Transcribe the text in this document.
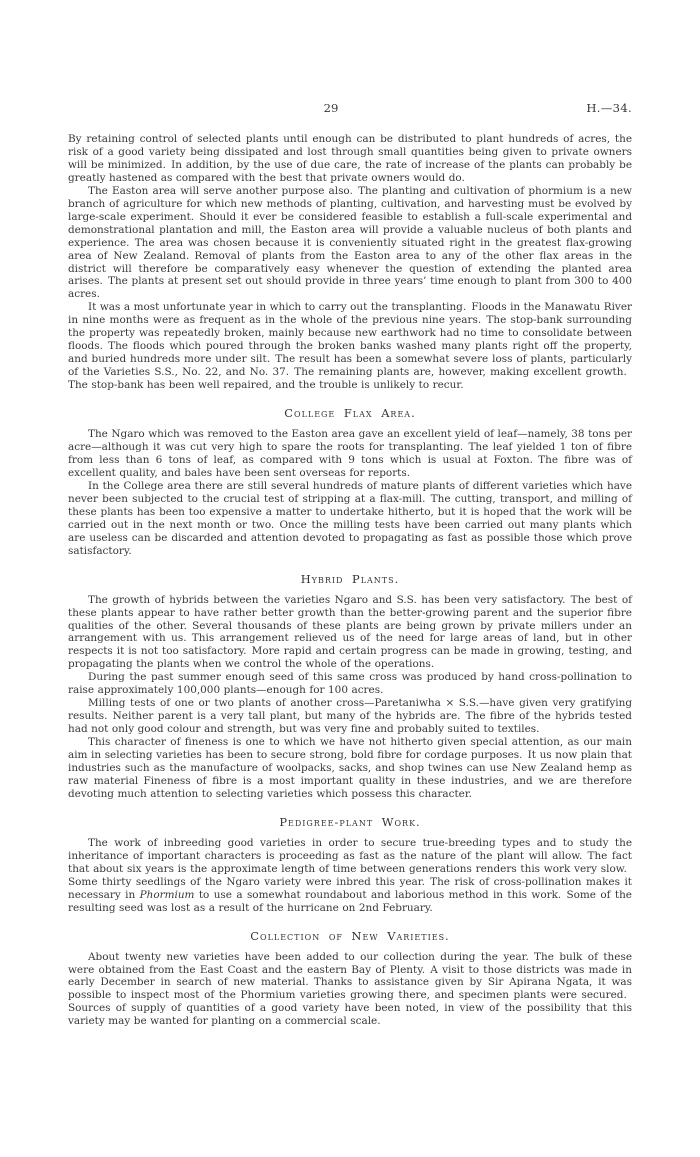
29	H.—34.

By retaining control of selected plants until enough can be distributed to plant hundreds of acres, the risk of a good variety being dissipated and lost through small quantities being given to private owners will be minimized. In addition, by the use of due care, the rate of increase of the plants can probably be greatly hastened as compared with the best that private owners would do.

The Easton area will serve another purpose also. The planting and cultivation of phormium is a new branch of agriculture for which new methods of planting, cultivation, and harvesting must be evolved by large-scale experiment. Should it ever be considered feasible to establish a full-scale experimental and demonstrational plantation and mill, the Easton area will provide a valuable nucleus of both plants and experience. The area was chosen because it is conveniently situated right in the greatest flax-growing area of New Zealand. Removal of plants from the Easton area to any of the other flax areas in the district will therefore be comparatively easy whenever the question of extending the planted area arises. The plants at present set out should provide in three years’ time enough to plant from 300 to 400 acres.

It was a most unfortunate year in which to carry out the transplanting. Floods in the Manawatu River in nine months were as frequent as in the whole of the previous nine years. The stop-bank surrounding the property was repeatedly broken, mainly because new earthwork had no time to consolidate between floods. The floods which poured through the broken banks washed many plants right off the property, and buried hundreds more under silt. The result has been a somewhat severe loss of plants, particularly of the Varieties S.S., No. 22, and No. 37. The remaining plants are, however, making excellent growth. The stop-bank has been well repaired, and the trouble is unlikely to recur.

College Flax Area.

The Ngaro which was removed to the Easton area gave an excellent yield of leaf—namely, 38 tons per acre—although it was cut very high to spare the roots for transplanting. The leaf yielded 1 ton of fibre from less than 6 tons of leaf, as compared with 9 tons which is usual at Foxton. The fibre was of excellent quality, and bales have been sent overseas for reports.

In the College area there are still several hundreds of mature plants of different varieties which have never been subjected to the crucial test of stripping at a flax-mill. The cutting, transport, and milling of these plants has been too expensive a matter to undertake hitherto, but it is hoped that the work will be carried out in the next month or two. Once the milling tests have been carried out many plants which are useless can be discarded and attention devoted to propagating as fast as possible those which prove satisfactory.

Hybrid Plants.

The growth of hybrids between the varieties Ngaro and S.S. has been very satisfactory. The best of these plants appear to have rather better growth than the better-growing parent and the superior fibre qualities of the other. Several thousands of these plants are being grown by private millers under an arrangement with us. This arrangement relieved us of the need for large areas of land, but in other respects it is not too satisfactory. More rapid and certain progress can be made in growing, testing, and propagating the plants when we control the whole of the operations.

During the past summer enough seed of this same cross was produced by hand cross-pollination to raise approximately 100,000 plants—enough for 100 acres.

Milling tests of one or two plants of another cross—Paretaniwha × S.S.—have given very gratifying results. Neither parent is a very tall plant, but many of the hybrids are. The fibre of the hybrids tested had not only good colour and strength, but was very fine and probably suited to textiles.

This character of fineness is one to which we have not hitherto given special attention, as our main aim in selecting varieties has been to secure strong, bold fibre for cordage purposes. It us now plain that industries such as the manufacture of woolpacks, sacks, and shop twines can use New Zealand hemp as raw material Fineness of fibre is a most important quality in these industries, and we are therefore devoting much attention to selecting varieties which possess this character.

Pedigree-plant Work.

The work of inbreeding good varieties in order to secure true-breeding types and to study the inheritance of important characters is proceeding as fast as the nature of the plant will allow. The fact that about six years is the approximate length of time between generations renders this work very slow. Some thirty seedlings of the Ngaro variety were inbred this year. The risk of cross-pollination makes it necessary in Phormium to use a somewhat roundabout and laborious method in this work. Some of the resulting seed was lost as a result of the hurricane on 2nd February.

Collection of New Varieties.

About twenty new varieties have been added to our collection during the year. The bulk of these were obtained from the East Coast and the eastern Bay of Plenty. A visit to those districts was made in early December in search of new material. Thanks to assistance given by Sir Apirana Ngata, it was possible to inspect most of the Phormium varieties growing there, and specimen plants were secured. Sources of supply of quantities of a good variety have been noted, in view of the possibility that this variety may be wanted for planting on a commercial scale.
